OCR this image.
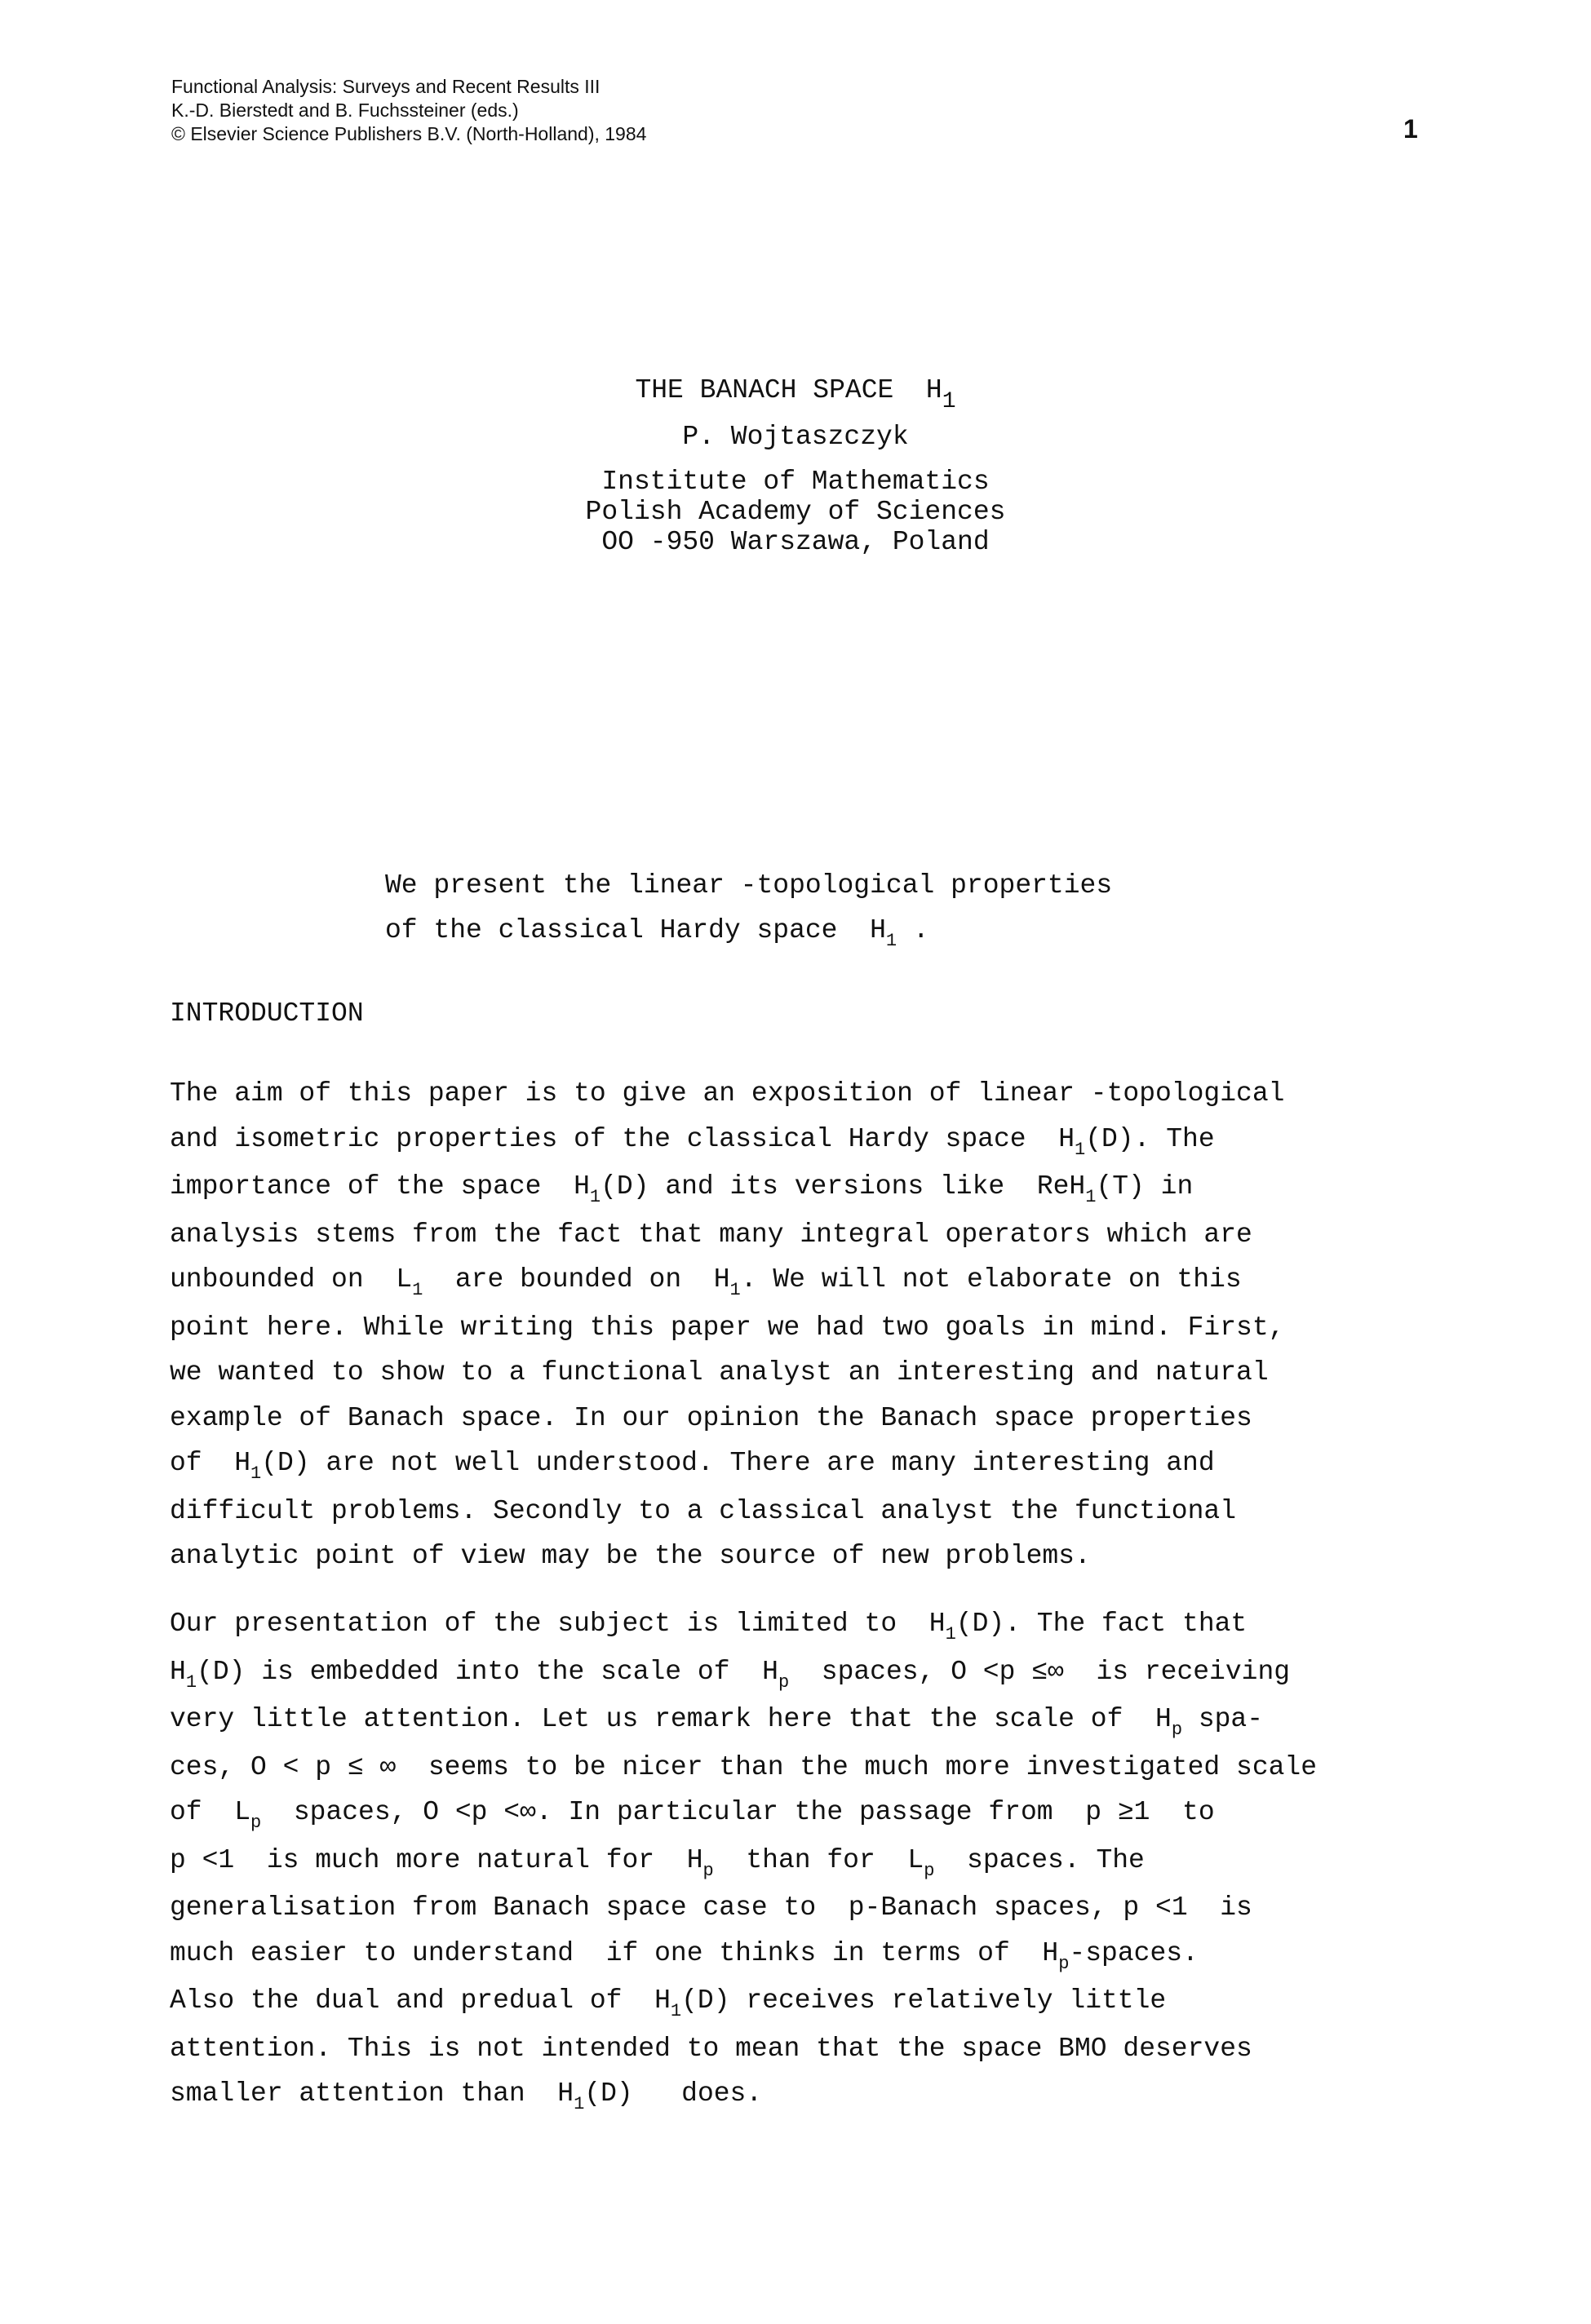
Functional Analysis: Surveys and Recent Results III
K.-D. Bierstedt and B. Fuchssteiner (eds.)
© Elsevier Science Publishers B.V. (North-Holland), 1984	1
THE BANACH SPACE $H_1$
P. Wojtaszczyk
Institute of Mathematics
Polish Academy of Sciences
OO -950 Warszawa, Poland
We present the linear -topological properties
of the classical Hardy space $H_1$ .
INTRODUCTION

The aim of this paper is to give an exposition of linear -topological

and isometric properties of the classical Hardy space $H_1(D)$. The

importance of the space $H_1(D)$ and its versions like ReH$_1$(T) in

analysis stems from the fact that many integral operators which are

unbounded on $L_1$ are bounded on $H_1$. We will not elaborate on this

point here. While writing this paper we had two goals in mind. First,

we wanted to show to a functional analyst an interesting and natural

example of Banach space. In our opinion the Banach space properties

of $H_1(D)$ are not well understood. There are many interesting and

difficult problems. Secondly to a classical analyst the functional

analytic point of view may be the source of new problems.

Our presentation of the subject is limited to $H_1(D)$. The fact that

$H_1(D)$ is embedded into the scale of $H_p$ spaces, O <p ≤∞ is receiving

very little attention. Let us remark here that the scale of $H_p$ spa-

ces, O < p ≤ ∞ seems to be nicer than the much more investigated scale

of $L_p$ spaces, O <p <∞. In particular the passage from p ≥1 to

p <1 is much more natural for $H_p$ than for $L_p$ spaces. The

generalisation from Banach space case to p-Banach spaces, p <1 is

much easier to understand if one thinks in terms of $H_p$-spaces.

Also the dual and predual of $H_1(D)$ receives relatively little

attention. This is not intended to mean that the space BMO deserves

smaller attention than $H_1(D)$ does.
